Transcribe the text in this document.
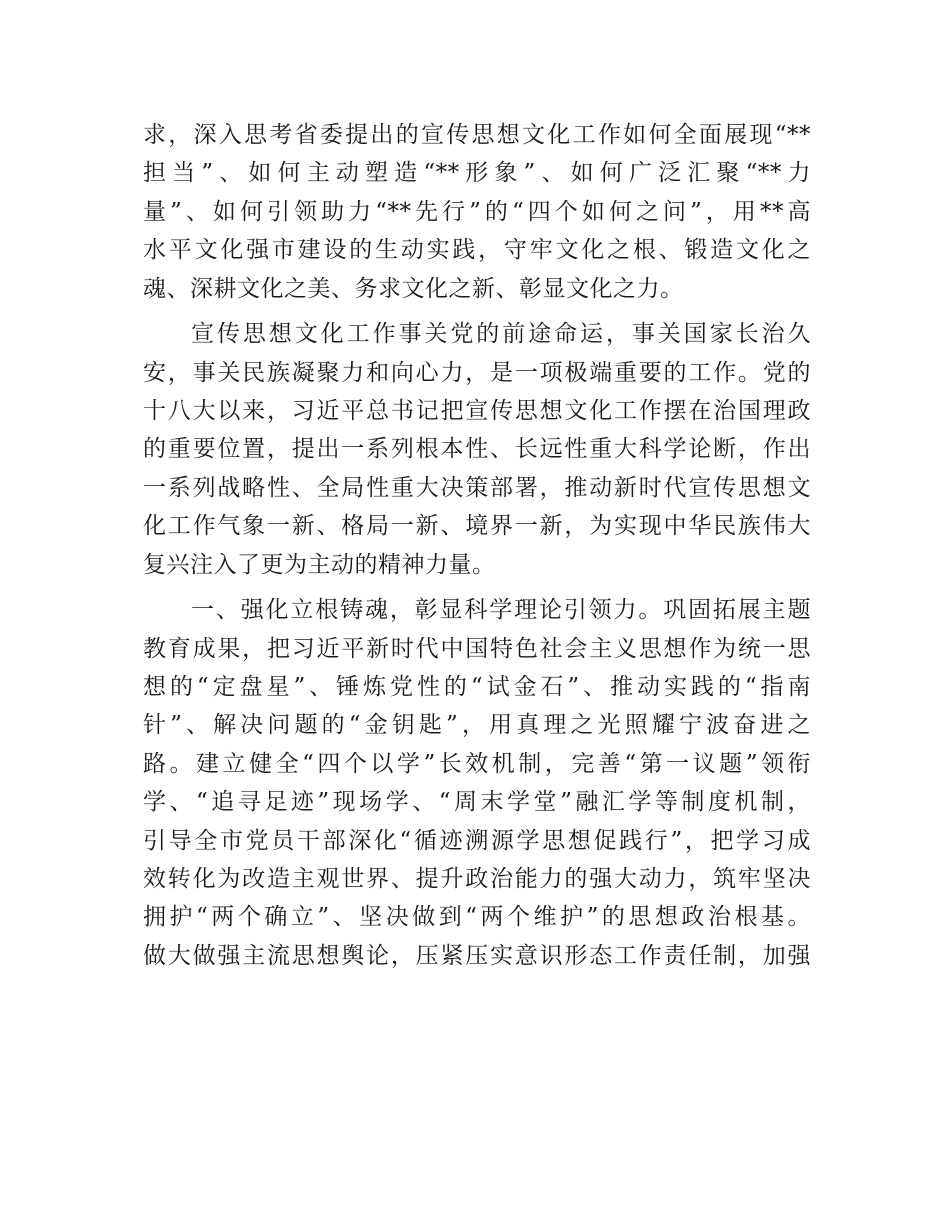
求，深入思考省委提出的宣传思想文化工作如何全面展现“**
担当”、如何主动塑造“**形象”、如何广泛汇聚“**力
量”、如何引领助力“**先行”的“四个如何之问”，用**高
水平文化强市建设的生动实践，守牢文化之根、锻造文化之
魂、深耕文化之美、务求文化之新、彰显文化之力。
宣传思想文化工作事关党的前途命运，事关国家长治久
安，事关民族凝聚力和向心力，是一项极端重要的工作。党的
十八大以来，习近平总书记把宣传思想文化工作摆在治国理政
的重要位置，提出一系列根本性、长远性重大科学论断，作出
一系列战略性、全局性重大决策部署，推动新时代宣传思想文
化工作气象一新、格局一新、境界一新，为实现中华民族伟大
复兴注入了更为主动的精神力量。
一、强化立根铸魂，彰显科学理论引领力。巩固拓展主题
教育成果，把习近平新时代中国特色社会主义思想作为统一思
想的“定盘星”、锤炼党性的“试金石”、推动实践的“指南
针”、解决问题的“金钥匙”，用真理之光照耀宁波奋进之
路。建立健全“四个以学”长效机制，完善“第一议题”领衔
学、“追寻足迹”现场学、“周末学堂”融汇学等制度机制，
引导全市党员干部深化“循迹溯源学思想促践行”，把学习成
效转化为改造主观世界、提升政治能力的强大动力，筑牢坚决
拥护“两个确立”、坚决做到“两个维护”的思想政治根基。
做大做强主流思想舆论，压紧压实意识形态工作责任制，加强
